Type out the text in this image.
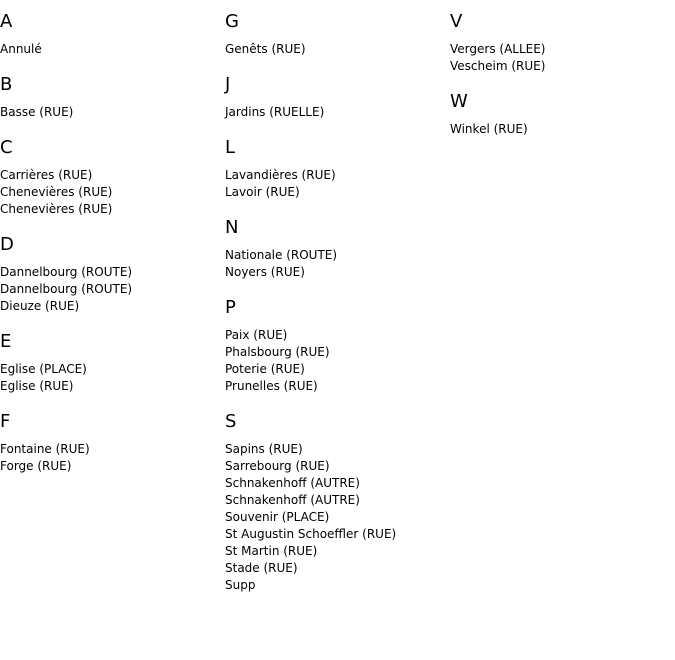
A
Annulé
B
Basse (RUE)
C
Carrières (RUE)
Chenevières (RUE)
Chenevières (RUE)
D
Dannelbourg (ROUTE)
Dannelbourg (ROUTE)
Dieuze (RUE)
E
Eglise (PLACE)
Eglise (RUE)
F
Fontaine (RUE)
Forge (RUE)
G
Genêts (RUE)
J
Jardins (RUELLE)
L
Lavandières (RUE)
Lavoir (RUE)
N
Nationale (ROUTE)
Noyers (RUE)
P
Paix (RUE)
Phalsbourg (RUE)
Poterie (RUE)
Prunelles (RUE)
S
Sapins (RUE)
Sarrebourg (RUE)
Schnakenhoff (AUTRE)
Schnakenhoff (AUTRE)
Souvenir (PLACE)
St Augustin Schoeffler (RUE)
St Martin (RUE)
Stade (RUE)
Supp
V
Vergers (ALLEE)
Vescheim (RUE)
W
Winkel (RUE)
